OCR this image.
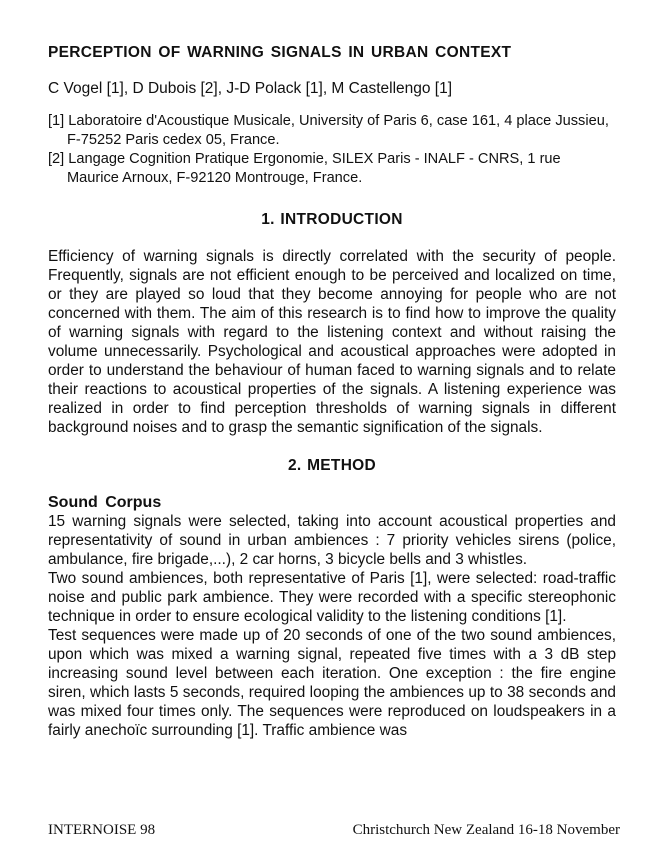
PERCEPTION OF WARNING SIGNALS IN URBAN CONTEXT
C Vogel [1], D Dubois [2], J-D Polack [1], M Castellengo [1]
[1] Laboratoire d'Acoustique Musicale, University of Paris 6, case 161, 4 place Jussieu, F-75252 Paris cedex 05, France.
[2] Langage Cognition Pratique Ergonomie, SILEX Paris - INALF - CNRS, 1 rue Maurice Arnoux, F-92120 Montrouge, France.
1. INTRODUCTION

Efficiency of warning signals is directly correlated with the security of people. Frequently, signals are not efficient enough to be perceived and localized on time, or they are played so loud that they become annoying for people who are not concerned with them. The aim of this research is to find how to improve the quality of warning signals with regard to the listening context and without raising the volume unnecessarily. Psychological and acoustical approaches were adopted in order to understand the behaviour of human faced to warning signals and to relate their reactions to acoustical properties of the signals. A listening experience was realized in order to find perception thresholds of warning signals in different background noises and to grasp the semantic signification of the signals.

2. METHOD
Sound Corpus

15 warning signals were selected, taking into account acoustical properties and representativity of sound in urban ambiences : 7 priority vehicles sirens (police, ambulance, fire brigade,...), 2 car horns, 3 bicycle bells and 3 whistles.

Two sound ambiences, both representative of Paris [1], were selected: road-traffic noise and public park ambience. They were recorded with a specific stereophonic technique in order to ensure ecological validity to the listening conditions [1].

Test sequences were made up of 20 seconds of one of the two sound ambiences, upon which was mixed a warning signal, repeated five times with a 3 dB step increasing sound level between each iteration. One exception : the fire engine siren, which lasts 5 seconds, required looping the ambiences up to 38 seconds and was mixed four times only. The sequences were reproduced on loudspeakers in a fairly anechoïc surrounding [1]. Traffic ambience was

INTERNOISE 98	Christchurch New Zealand 16-18 November
